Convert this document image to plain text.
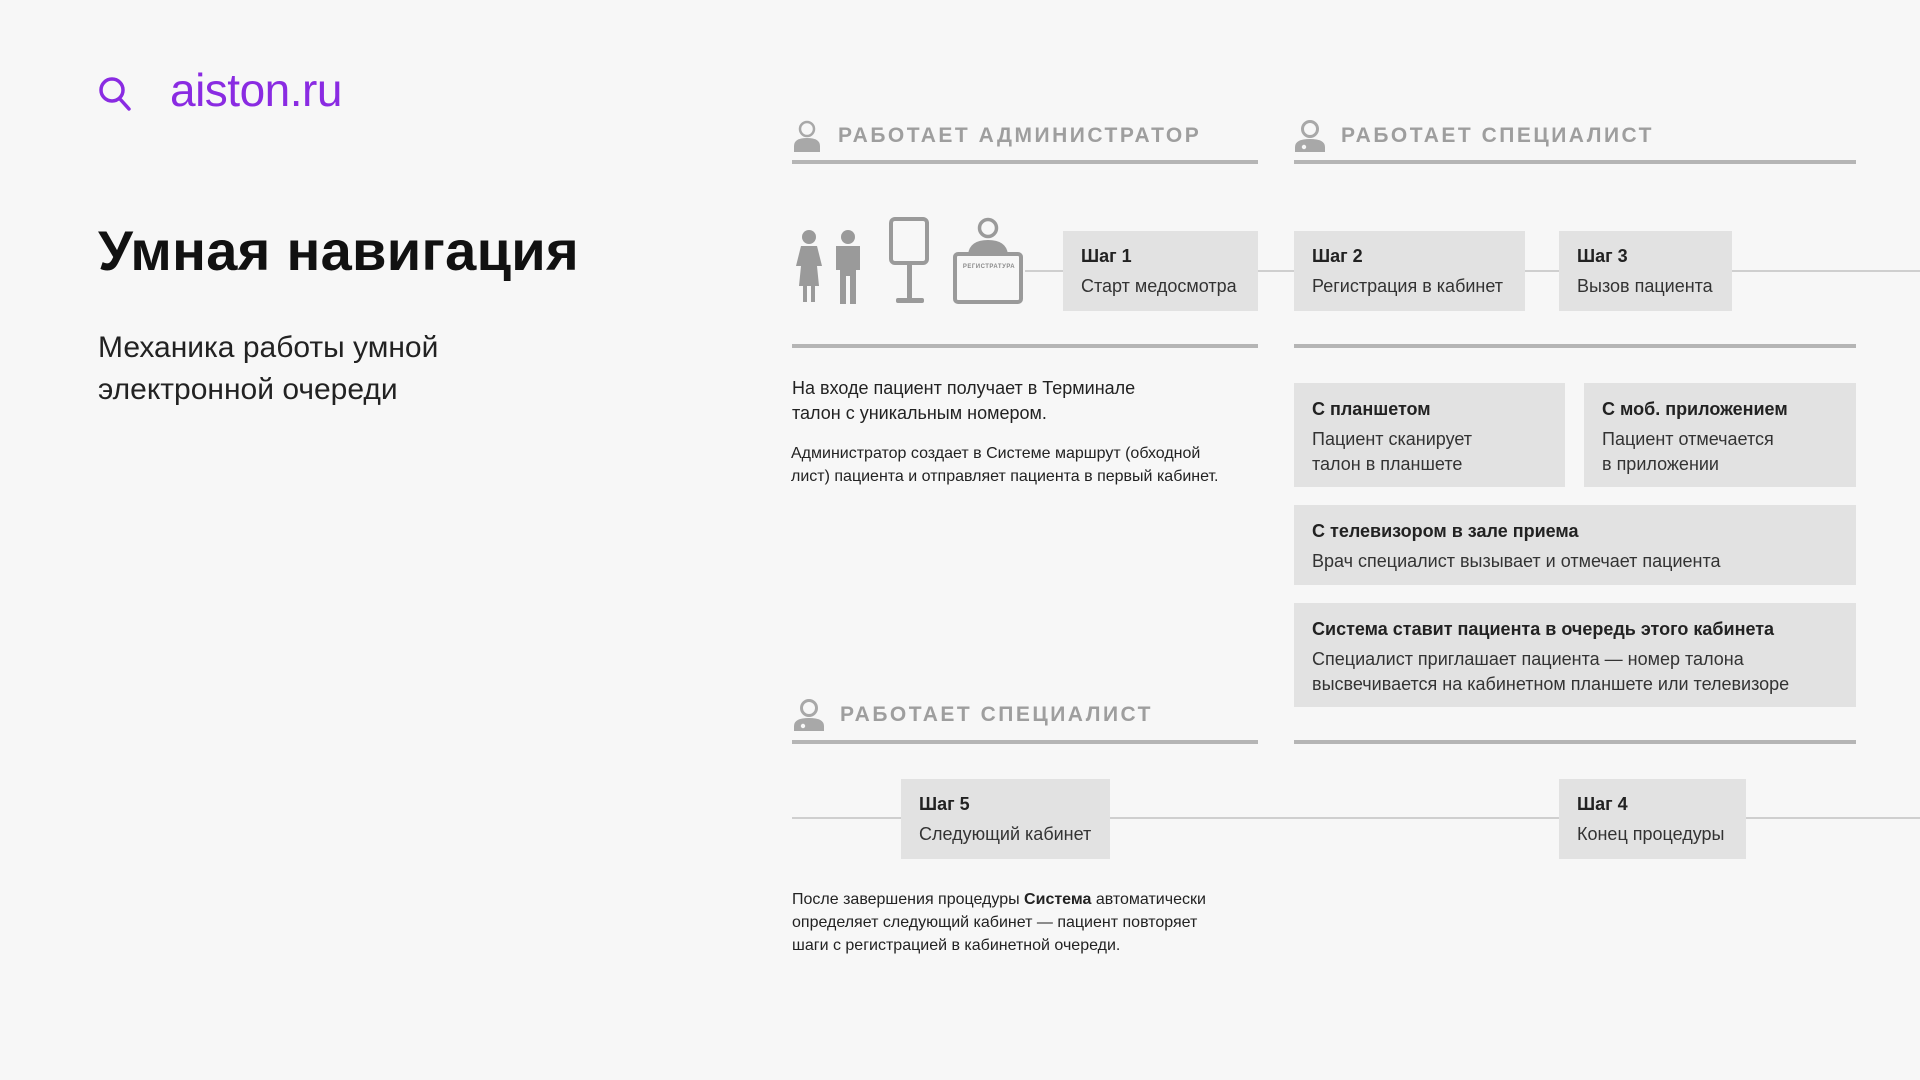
aiston.ru
Умная навигация
Механика работы умной электронной очереди
РАБОТАЕТ АДМИНИСТРАТОР	РАБОТАЕТ СПЕЦИАЛИСТ
РЕГИСТРАТУРА
Шаг 1
Старт медосмотра
Шаг 2
Регистрация в кабинет
Шаг 3
Вызов пациента
На входе пациент получает в Терминале талон с уникальным номером.
Администратор создает в Системе маршрут (обходной лист) пациента и отправляет пациента в первый кабинет.
С планшетом
Пациент сканирует
талон в планшете
С моб. приложением
Пациент отмечается
в приложении
С телевизором в зале приема
Врач специалист вызывает и отмечает пациента
Система ставит пациента в очередь этого кабинета
Специалист приглашает пациента — номер талона
высвечивается на кабинетном планшете или телевизоре
РАБОТАЕТ СПЕЦИАЛИСТ
Шаг 5
Следующий кабинет
Шаг 4
Конец процедуры
После завершения процедуры Система автоматически определяет следующий кабинет — пациент повторяет шаги с регистрацией в кабинетной очереди.
